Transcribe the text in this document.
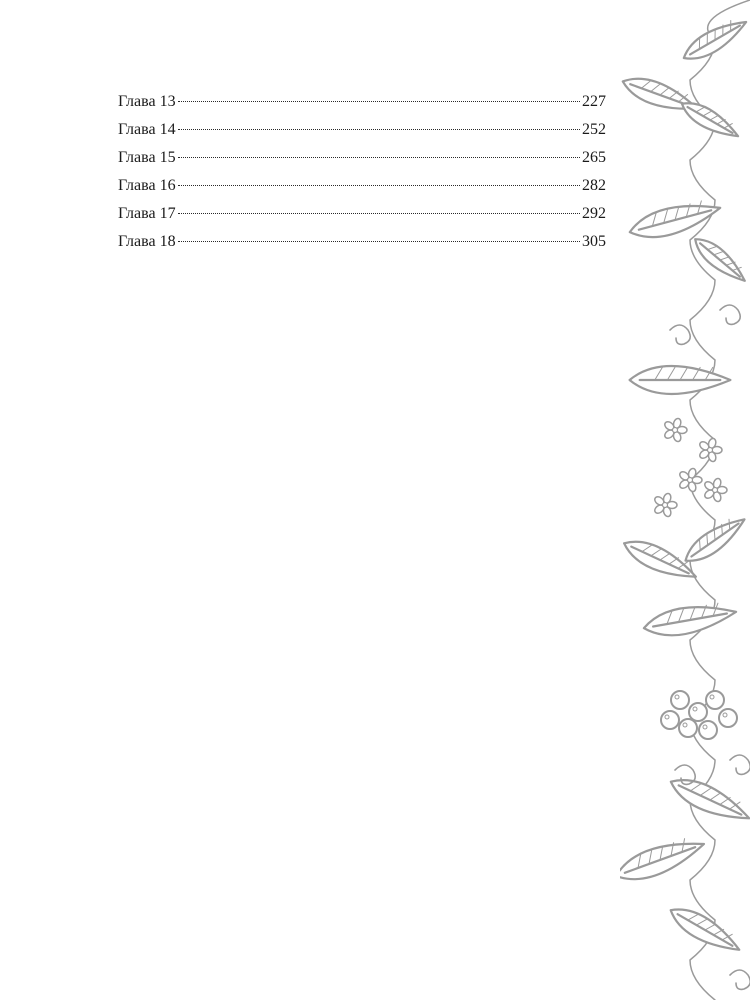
Глава 13	227
Глава 14	252
Глава 15	265
Глава 16	282
Глава 17	292
Глава 18	305
